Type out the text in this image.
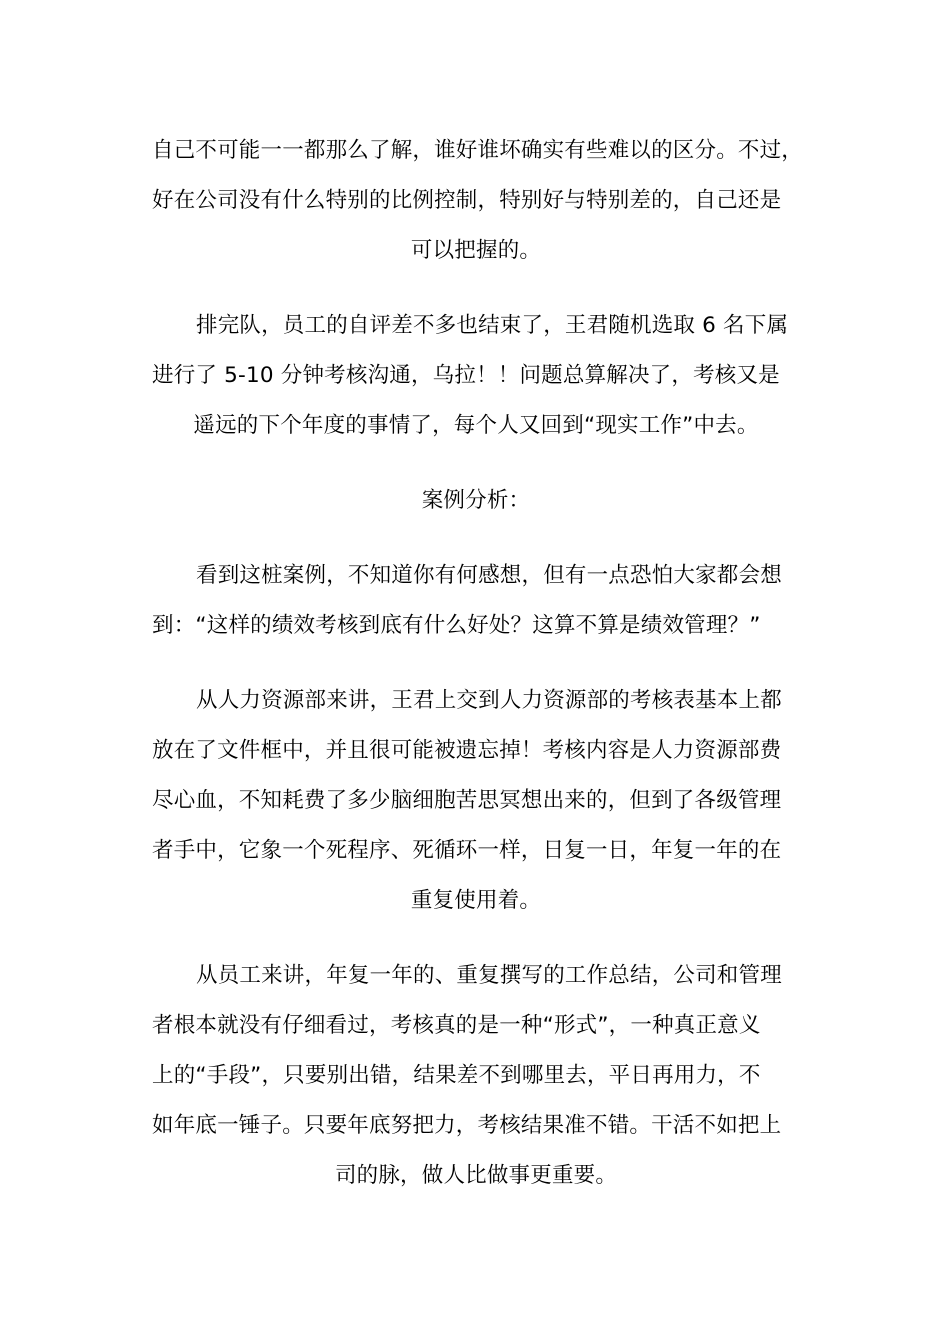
自己不可能一一都那么了解，谁好谁坏确实有些难以的区分。不过，
好在公司没有什么特别的比例控制，特别好与特别差的，自己还是
可以把握的。
排完队，员工的自评差不多也结束了，王君随机选取 6 名下属
进行了 5-10 分钟考核沟通，乌拉！！问题总算解决了，考核又是
遥远的下个年度的事情了，每个人又回到“现实工作”中去。
案例分析：
看到这桩案例，不知道你有何感想，但有一点恐怕大家都会想
到：“这样的绩效考核到底有什么好处？这算不算是绩效管理？”
从人力资源部来讲，王君上交到人力资源部的考核表基本上都
放在了文件框中，并且很可能被遗忘掉！考核内容是人力资源部费
尽心血，不知耗费了多少脑细胞苦思冥想出来的，但到了各级管理
者手中，它象一个死程序、死循环一样，日复一日，年复一年的在
重复使用着。
从员工来讲，年复一年的、重复撰写的工作总结，公司和管理
者根本就没有仔细看过，考核真的是一种“形式”，一种真正意义
上的“手段”，只要别出错，结果差不到哪里去，平日再用力，不
如年底一锤子。只要年底努把力，考核结果准不错。干活不如把上
司的脉，做人比做事更重要。
